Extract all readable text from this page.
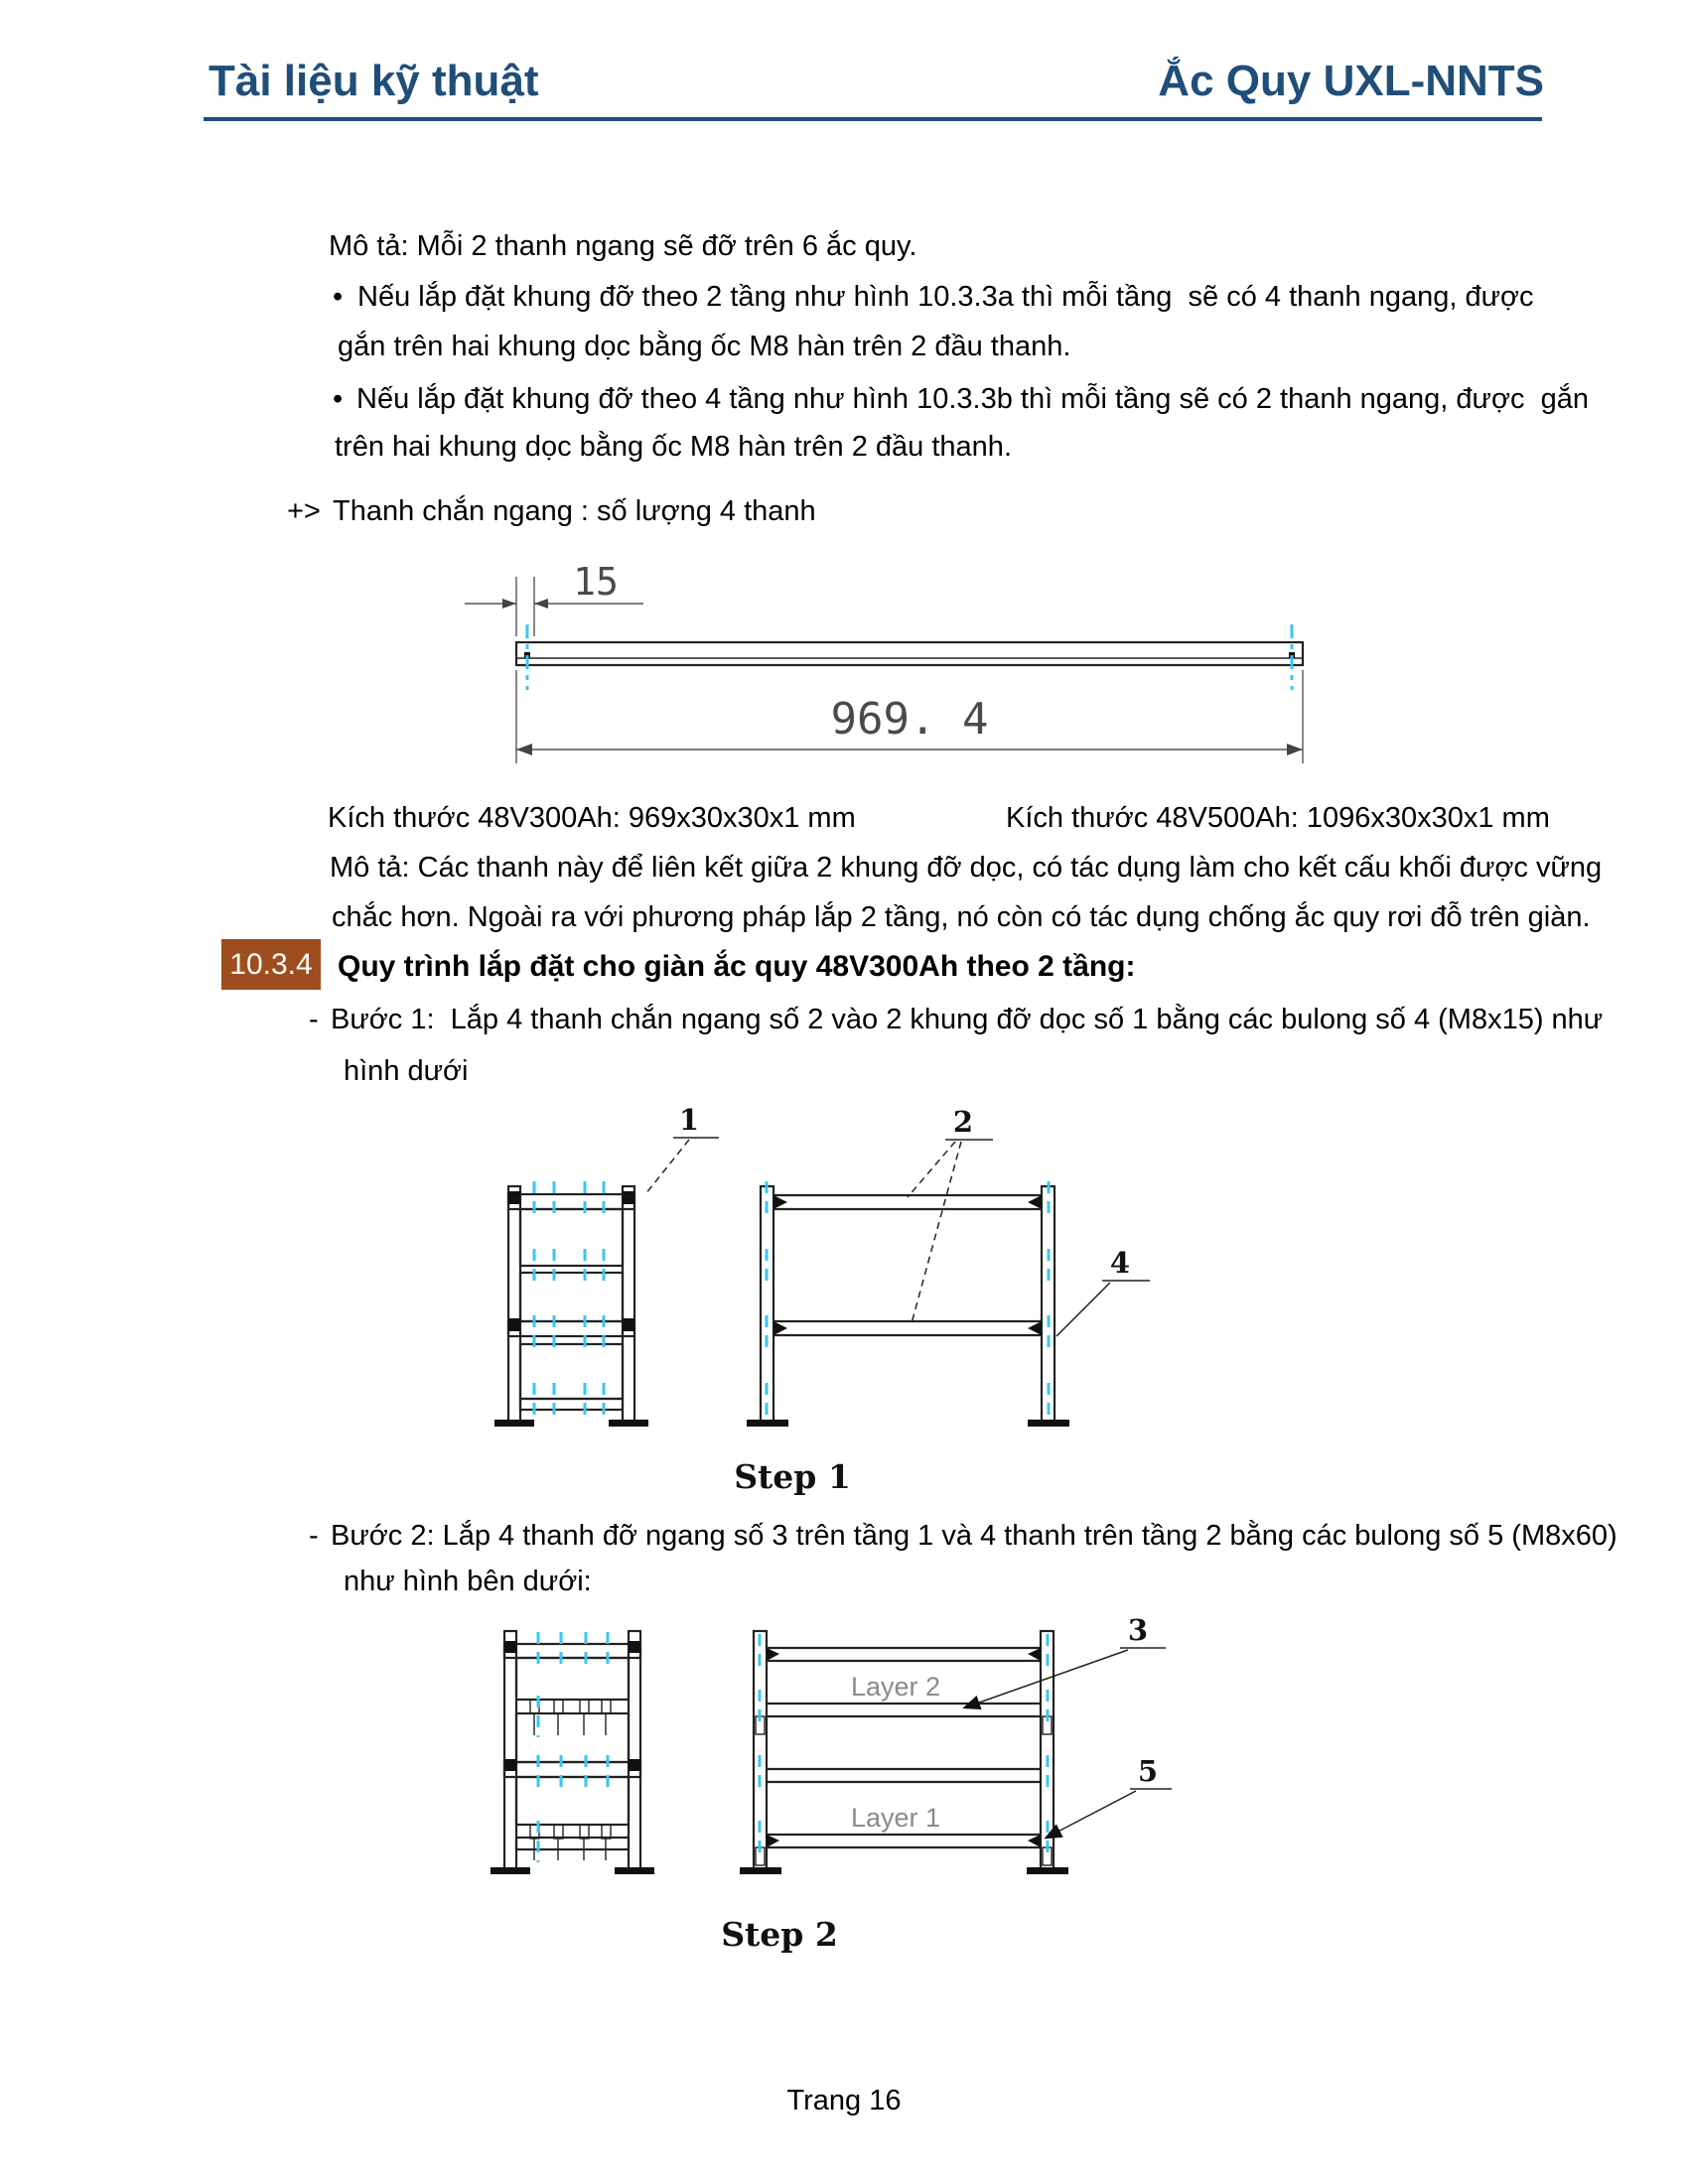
Tài liệu kỹ thuật	Ắc Quy UXL-NNTS
Mô tả: Mỗi 2 thanh ngang sẽ đỡ trên 6 ắc quy.
• Nếu lắp đặt khung đỡ theo 2 tầng như hình 10.3.3a thì mỗi tầng  sẽ có 4 thanh ngang, được
gắn trên hai khung dọc bằng ốc M8 hàn trên 2 đầu thanh.
• Nếu lắp đặt khung đỡ theo 4 tầng như hình 10.3.3b thì mỗi tầng sẽ có 2 thanh ngang, được  gắn
trên hai khung dọc bằng ốc M8 hàn trên 2 đầu thanh.
+> Thanh chắn ngang : số lượng 4 thanh
15
969. 4
Kích thước 48V300Ah: 969x30x30x1 mm	Kích thước 48V500Ah: 1096x30x30x1 mm
Mô tả: Các thanh này để liên kết giữa 2 khung đỡ dọc, có tác dụng làm cho kết cấu khối được vững
chắc hơn. Ngoài ra với phương pháp lắp 2 tầng, nó còn có tác dụng chống ắc quy rơi đỗ trên giàn.
10.3.4 Quy trình lắp đặt cho giàn ắc quy 48V300Ah theo 2 tầng:
- Bước 1:  Lắp 4 thanh chắn ngang số 2 vào 2 khung đỡ dọc số 1 bằng các bulong số 4 (M8x15) như
hình dưới
1	2
4
Step 1
- Bước 2: Lắp 4 thanh đỡ ngang số 3 trên tầng 1 và 4 thanh trên tầng 2 bằng các bulong số 5 (M8x60)
như hình bên dưới:
Layer 2
Layer 1
3
5
Step 2
Trang 16
